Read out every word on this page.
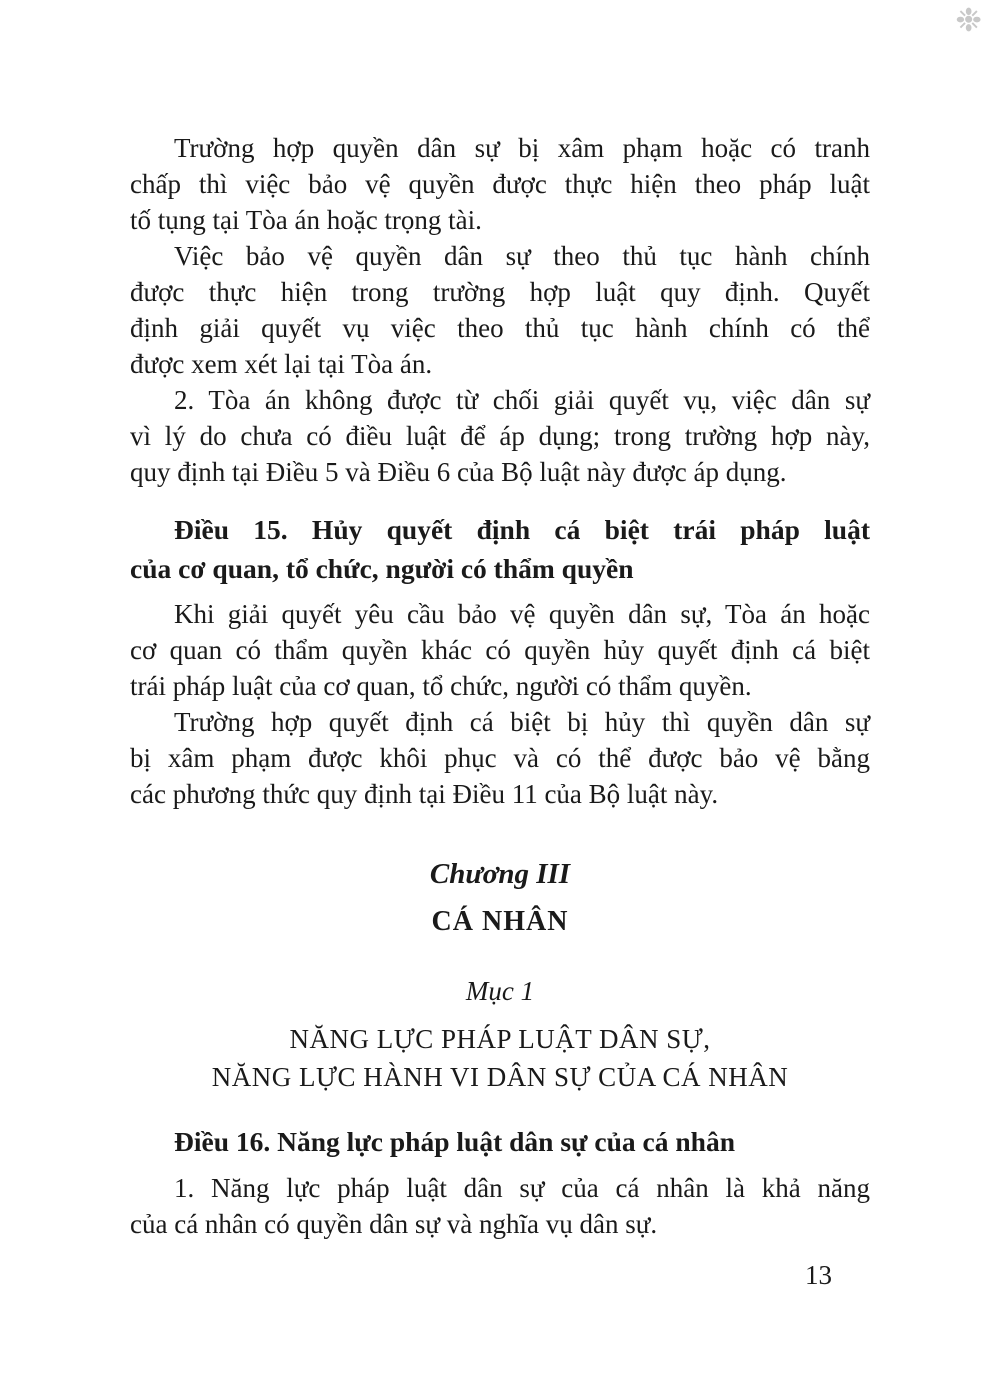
❉
Trường hợp quyền dân sự bị xâm phạm hoặc có tranh
chấp thì việc bảo vệ quyền được thực hiện theo pháp luật
tố tụng tại Tòa án hoặc trọng tài.
Việc bảo vệ quyền dân sự theo thủ tục hành chính
được thực hiện trong trường hợp luật quy định. Quyết
định giải quyết vụ việc theo thủ tục hành chính có thể
được xem xét lại tại Tòa án.
2. Tòa án không được từ chối giải quyết vụ, việc dân sự
vì lý do chưa có điều luật để áp dụng; trong trường hợp này,
quy định tại Điều 5 và Điều 6 của Bộ luật này được áp dụng.
Điều 15. Hủy quyết định cá biệt trái pháp luật
của cơ quan, tổ chức, người có thẩm quyền
Khi giải quyết yêu cầu bảo vệ quyền dân sự, Tòa án hoặc
cơ quan có thẩm quyền khác có quyền hủy quyết định cá biệt
trái pháp luật của cơ quan, tổ chức, người có thẩm quyền.
Trường hợp quyết định cá biệt bị hủy thì quyền dân sự
bị xâm phạm được khôi phục và có thể được bảo vệ bằng
các phương thức quy định tại Điều 11 của Bộ luật này.
Chương III
CÁ NHÂN
Mục 1
NĂNG LỰC PHÁP LUẬT DÂN SỰ,
NĂNG LỰC HÀNH VI DÂN SỰ CỦA CÁ NHÂN
Điều 16. Năng lực pháp luật dân sự của cá nhân
1. Năng lực pháp luật dân sự của cá nhân là khả năng
của cá nhân có quyền dân sự và nghĩa vụ dân sự.
13
